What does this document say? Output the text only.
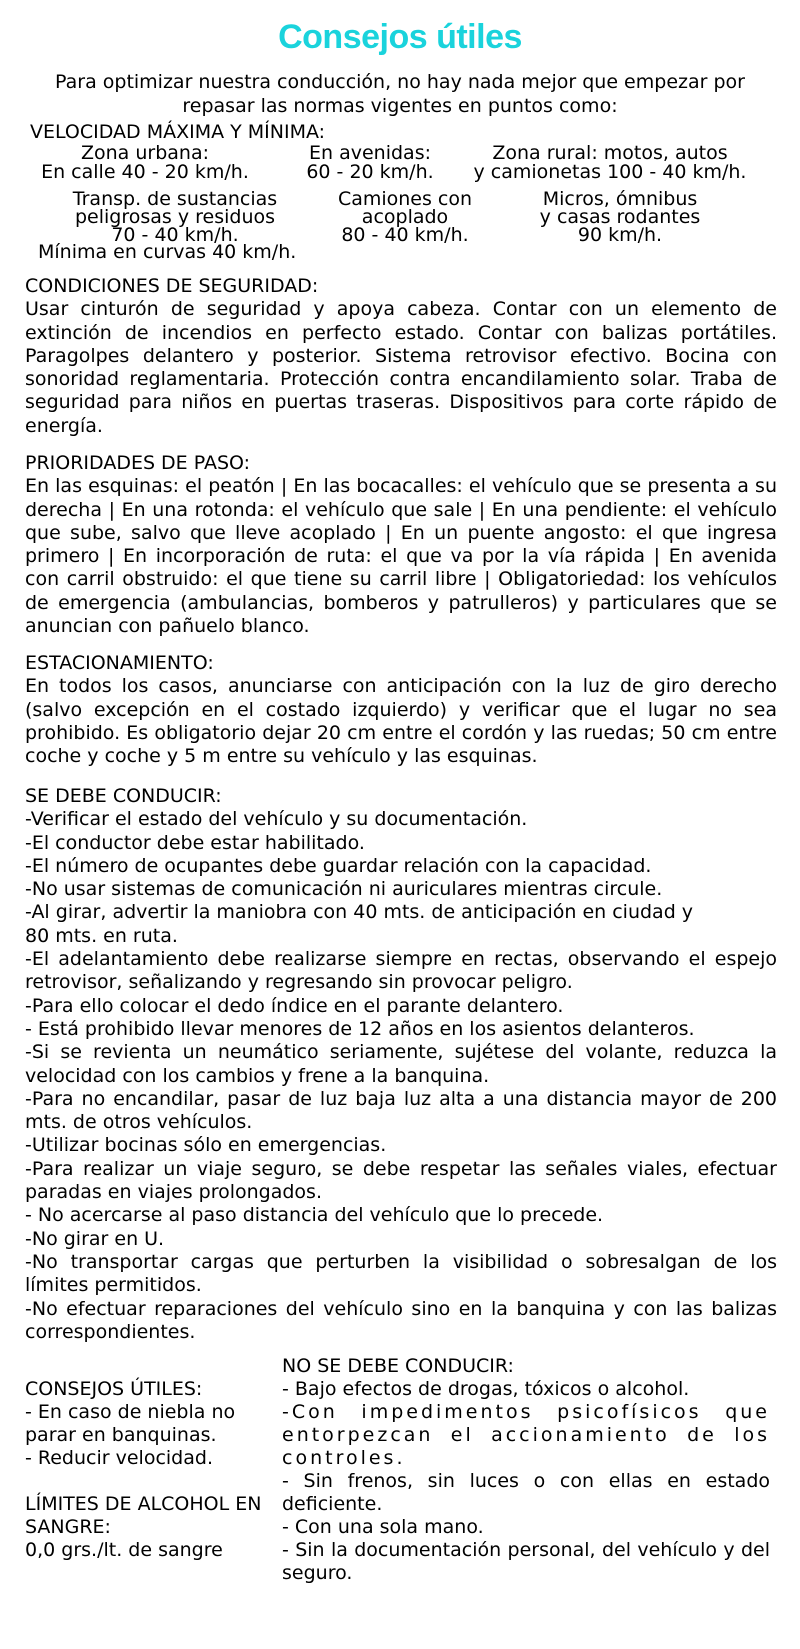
Consejos útiles
Para optimizar nuestra conducción, no hay nada mejor que empezar por repasar las normas vigentes en puntos como:
VELOCIDAD MÁXIMA Y MÍNIMA:
Zona urbana:
En calle 40 - 20 km/h.
En avenidas:
60 - 20 km/h.
Zona rural: motos, autos
y camionetas 100 - 40 km/h.
Transp. de sustancias
peligrosas y residuos
70 - 40 km/h.
Mínima en curvas 40 km/h.
Camiones con
acoplado
80 - 40 km/h.
Micros, ómnibus
y casas rodantes
90 km/h.
CONDICIONES DE SEGURIDAD:
Usar cinturón de seguridad y apoya cabeza. Contar con un elemento de extinción de incendios en perfecto estado. Contar con balizas portátiles. Paragolpes delantero y posterior. Sistema retrovisor efectivo. Bocina con sonoridad reglamentaria. Protección contra encandilamiento solar. Traba de seguridad para niños en puertas traseras. Dispositivos para corte rápido de energía.
PRIORIDADES DE PASO:
En las esquinas: el peatón | En las bocacalles: el vehículo que se presenta a su derecha | En una rotonda: el vehículo que sale | En una pendiente: el vehículo que sube, salvo que lleve acoplado | En un puente angosto: el que ingresa primero | En incorporación de ruta: el que va por la vía rápida | En avenida con carril obstruido: el que tiene su carril libre | Obligatoriedad: los vehículos de emergencia (ambulancias, bomberos y patrulleros) y particulares que se anuncian con pañuelo blanco.
ESTACIONAMIENTO:
En todos los casos, anunciarse con anticipación con la luz de giro derecho (salvo excepción en el costado izquierdo) y verificar que el lugar no sea prohibido. Es obligatorio dejar 20 cm entre el cordón y las ruedas; 50 cm entre coche y coche y 5 m entre su vehículo y las esquinas.
SE DEBE CONDUCIR:
-Verificar el estado del vehículo y su documentación.
-El conductor debe estar habilitado.
-El número de ocupantes debe guardar relación con la capacidad.
-No usar sistemas de comunicación ni auriculares mientras circule.
-Al girar, advertir la maniobra con 40 mts. de anticipación en ciudad y 80 mts. en ruta.
-El adelantamiento debe realizarse siempre en rectas, observando el espejo retrovisor, señalizando y regresando sin provocar peligro.
-Para ello colocar el dedo índice en el parante delantero.
- Está prohibido llevar menores de 12 años en los asientos delanteros.
-Si se revienta un neumático seriamente, sujétese del volante, reduzca la velocidad con los cambios y frene a la banquina.
-Para no encandilar, pasar de luz baja luz alta a una distancia mayor de 200 mts. de otros vehículos.
-Utilizar bocinas sólo en emergencias.
-Para realizar un viaje seguro, se debe respetar las señales viales, efectuar paradas en viajes prolongados.
- No acercarse al paso distancia del vehículo que lo precede.
-No girar en U.
-No transportar cargas que perturben la visibilidad o sobresalgan de los límites permitidos.
-No efectuar reparaciones del vehículo sino en la banquina y con las balizas correspondientes.
CONSEJOS ÚTILES:
- En caso de niebla no parar en banquinas.
- Reducir velocidad.
LÍMITES DE ALCOHOL EN SANGRE:
0,0 grs./lt. de sangre
NO SE DEBE CONDUCIR:
- Bajo efectos de drogas, tóxicos o alcohol.
-Con impedimentos psicofísicos que entorpezcan el accionamiento de los controles.
- Sin frenos, sin luces o con ellas en estado deficiente.
- Con una sola mano.
- Sin la documentación personal, del vehículo y del seguro.
